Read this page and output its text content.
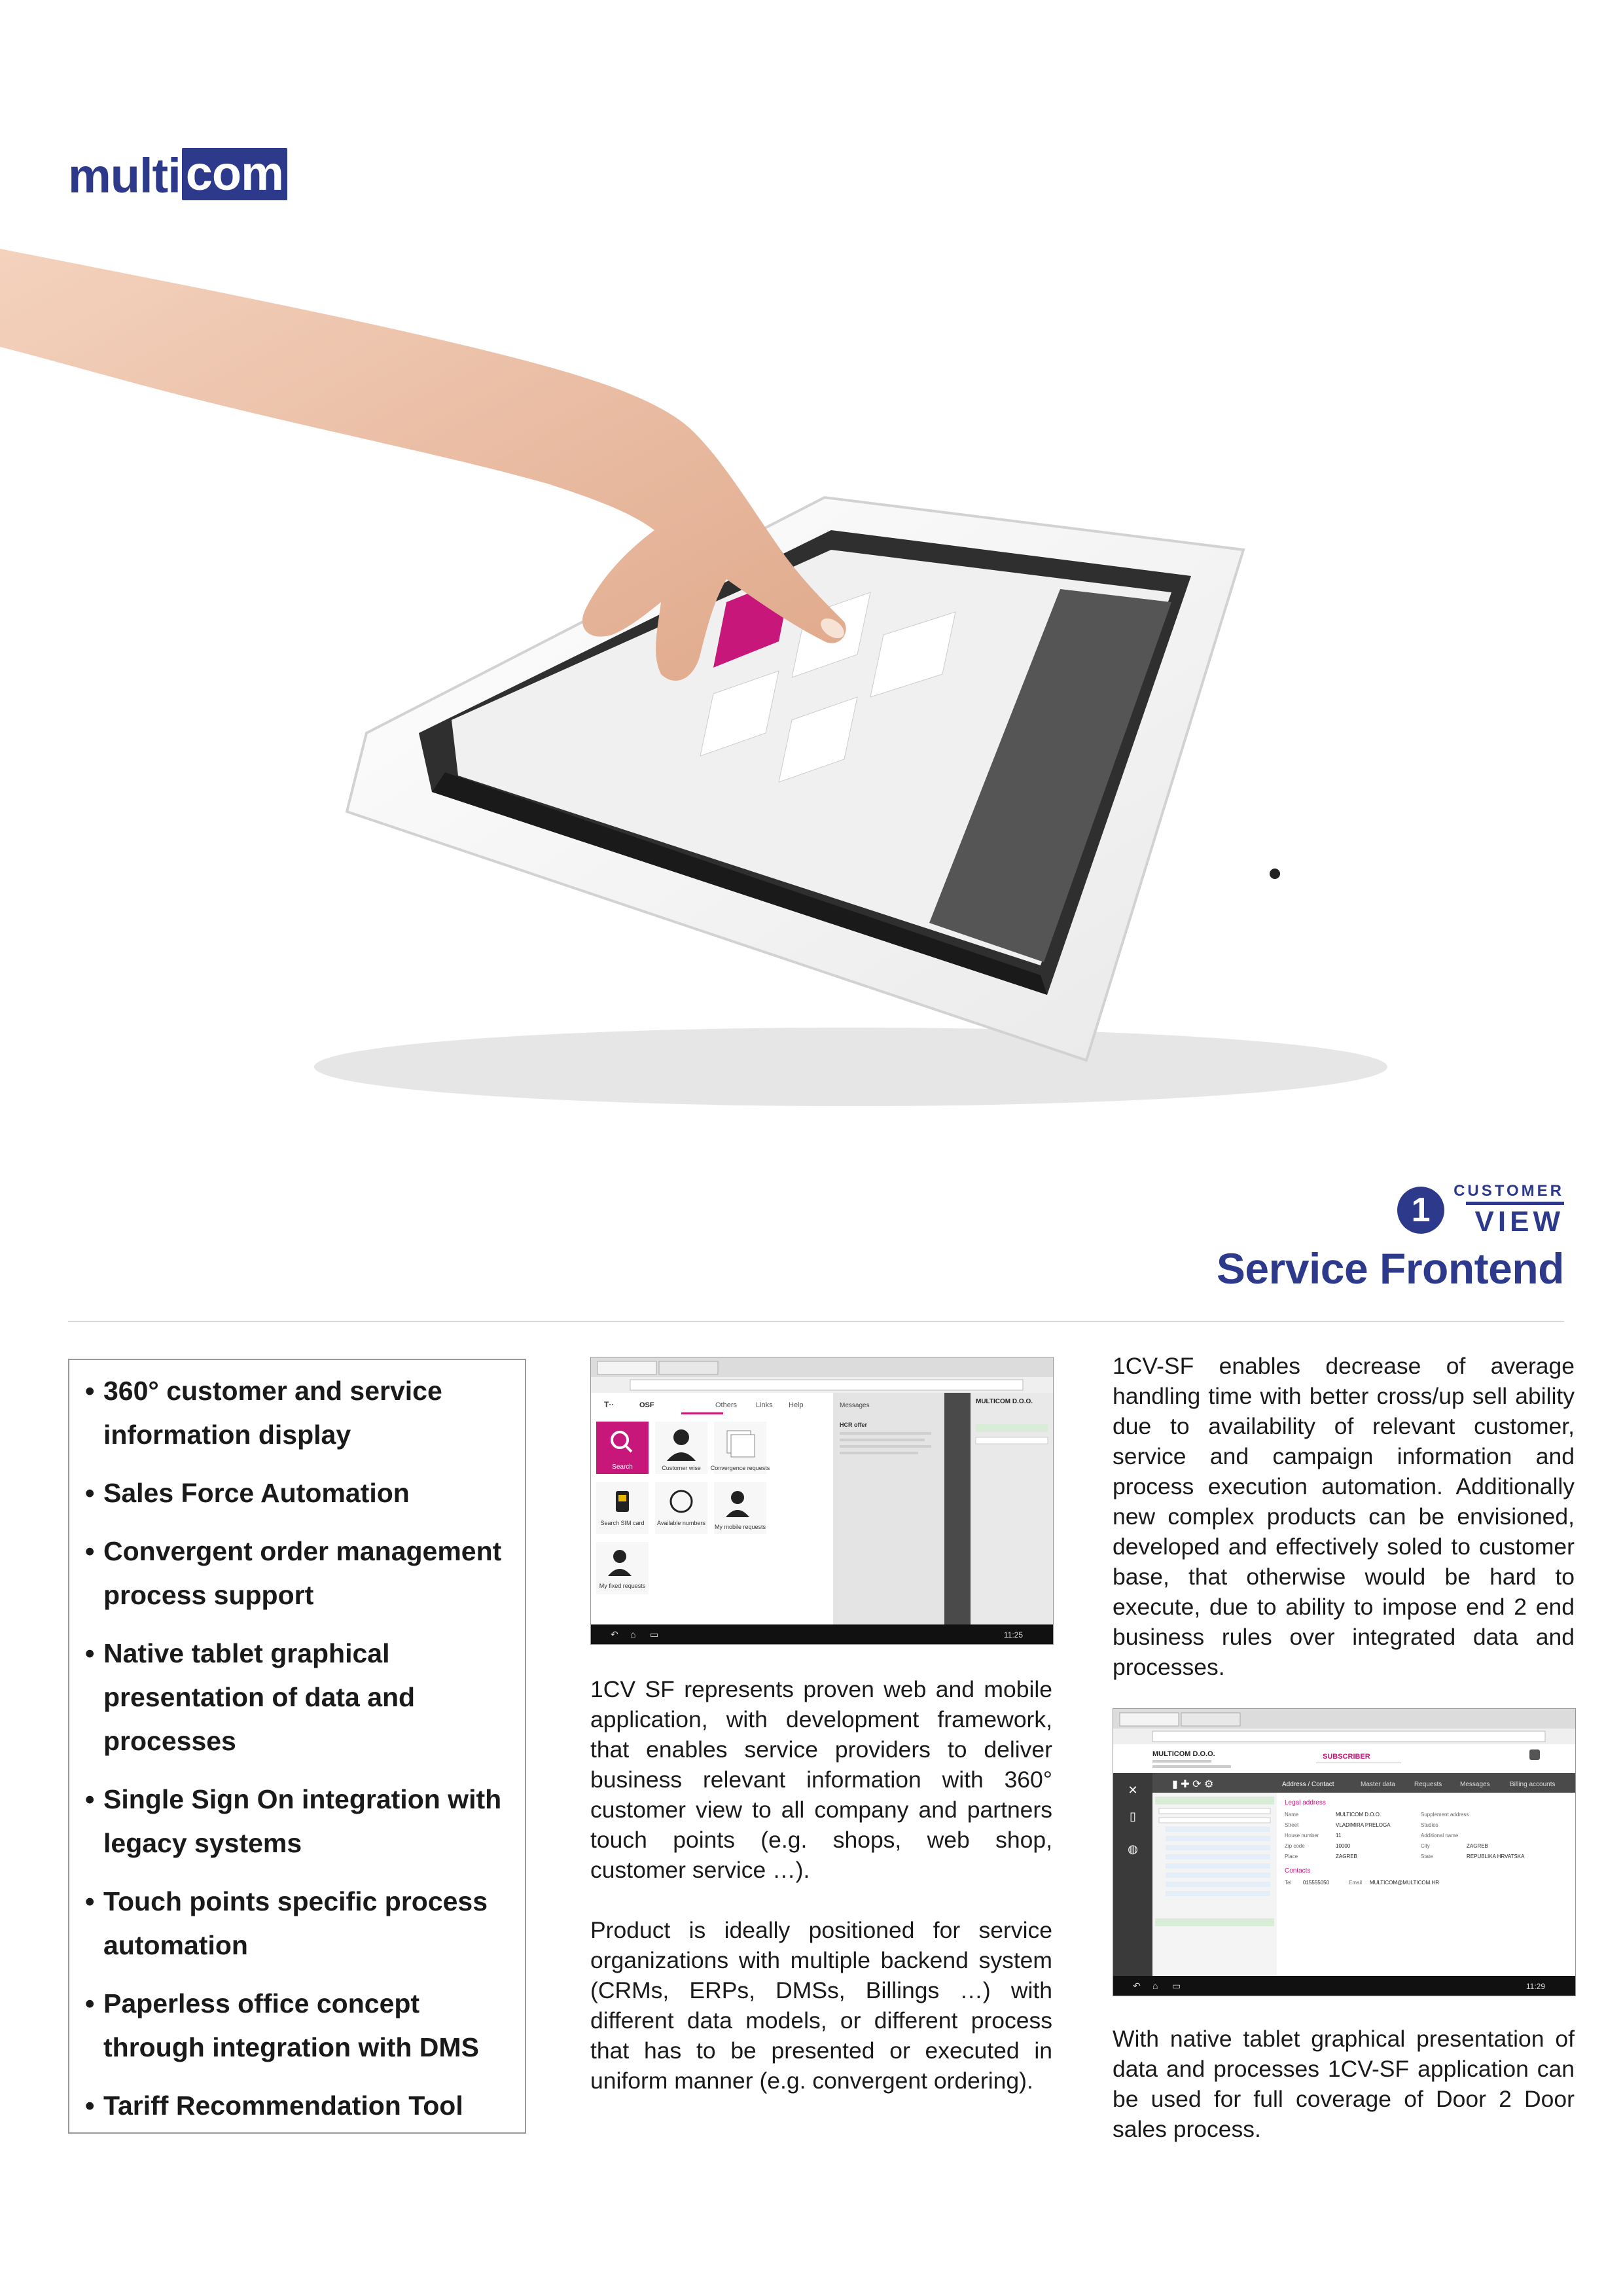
multi com
1	CUSTOMER
VIEW
Service Frontend
• 360° customer and service information display
• Sales Force Automation
• Convergent order management process support
• Native tablet graphical presentation of data and processes
• Single Sign On integration with legacy systems
• Touch points specific process automation
• Paperless office concept through integration with DMS
• Tariff Recommendation Tool
T··	OSF	Others	Links Help
Search	Customer wise Convergence requests
Search SIM card Available numbers
My mobile requests
My fixed requests
Messages
HCR offer
MULTICOM D.O.O.
↶ ⌂ ▭	11:25

1CV SF represents proven web and mobile application, with development framework, that enables service providers to deliver business relevant information with 360° customer view to all company and partners touch points (e.g. shops, web shop, customer service …).

Product is ideally positioned for service organizations with multiple backend system (CRMs, ERPs, DMSs, Billings …) with different data models, or different process that has to be presented or executed in uniform manner (e.g. convergent ordering).

1CV-SF enables decrease of average handling time with better cross/up sell ability due to availability of relevant customer, service and campaign information and process execution automation. Additionally new complex products can be envisioned, developed and effectively soled to customer base, that otherwise would be hard to execute, due to ability to impose end 2 end business rules over integrated data and processes.

MULTICOM D.O.O.	SUBSCRIBER
✕
▯
◍
▮ ✚ ⟳ ⚙	Address / Contact	Master data	Requests	Messages	Billing accounts
Legal address
Name	MULTICOM D.O.O.	Supplement address
Street	VLADIMIRA PRELOGA	Studios
House number	11	Additional name
Zip code	10000	City	ZAGREB
Place	ZAGREB	State	REPUBLIKA HRVATSKA
Contacts
Tel 015555050	Email MULTICOM@MULTICOM.HR
↶ ⌂ ▭	11:29

With native tablet graphical presentation of data and processes 1CV-SF application can be used for full coverage of Door 2 Door sales process.
